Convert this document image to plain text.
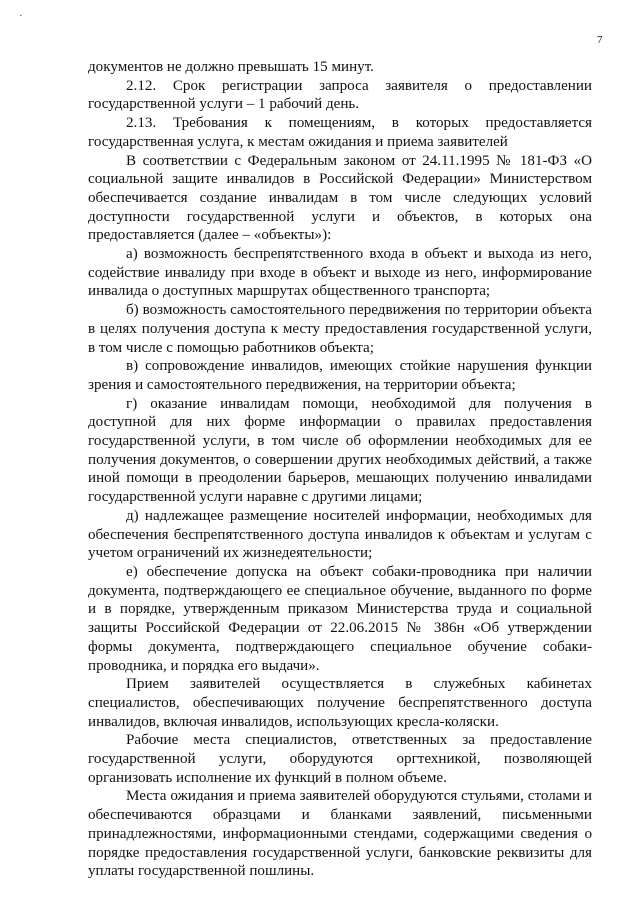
·
7

документов не должно превышать 15 минут.

2.12. Срок регистрации запроса заявителя о предоставлении государственной услуги – 1 рабочий день.

2.13. Требования к помещениям, в которых предоставляется государственная услуга, к местам ожидания и приема заявителей

В соответствии с Федеральным законом от 24.11.1995 № 181-ФЗ «О социальной защите инвалидов в Российской Федерации» Министерством обеспечивается создание инвалидам в том числе следующих условий доступности государственной услуги и объектов, в которых она предоставляется (далее – «объекты»):

а) возможность беспрепятственного входа в объект и выхода из него, содействие инвалиду при входе в объект и выходе из него, информирование инвалида о доступных маршрутах общественного транспорта;

б) возможность самостоятельного передвижения по территории объекта в целях получения доступа к месту предоставления государственной услуги, в том числе с помощью работников объекта;

в) сопровождение инвалидов, имеющих стойкие нарушения функции зрения и самостоятельного передвижения, на территории объекта;

г) оказание инвалидам помощи, необходимой для получения в доступной для них форме информации о правилах предоставления государственной услуги, в том числе об оформлении необходимых для ее получения документов, о совершении других необходимых действий, а также иной помощи в преодолении барьеров, мешающих получению инвалидами государственной услуги наравне с другими лицами;

д) надлежащее размещение носителей информации, необходимых для обеспечения беспрепятственного доступа инвалидов к объектам и услугам с учетом ограничений их жизнедеятельности;

е) обеспечение допуска на объект собаки-проводника при наличии документа, подтверждающего ее специальное обучение, выданного по форме и в порядке, утвержденным приказом Министерства труда и социальной защиты Российской Федерации от 22.06.2015 № 386н «Об утверждении формы документа, подтверждающего специальное обучение собаки-проводника, и порядка его выдачи».

Прием заявителей осуществляется в служебных кабинетах специалистов, обеспечивающих получение беспрепятственного доступа инвалидов, включая инвалидов, использующих кресла-коляски.

Рабочие места специалистов, ответственных за предоставление государственной услуги, оборудуются оргтехникой, позволяющей организовать исполнение их функций в полном объеме.

Места ожидания и приема заявителей оборудуются стульями, столами и обеспечиваются образцами и бланками заявлений, письменными принадлежностями, информационными стендами, содержащими сведения о порядке предоставления государственной услуги, банковские реквизиты для уплаты государственной пошлины.
